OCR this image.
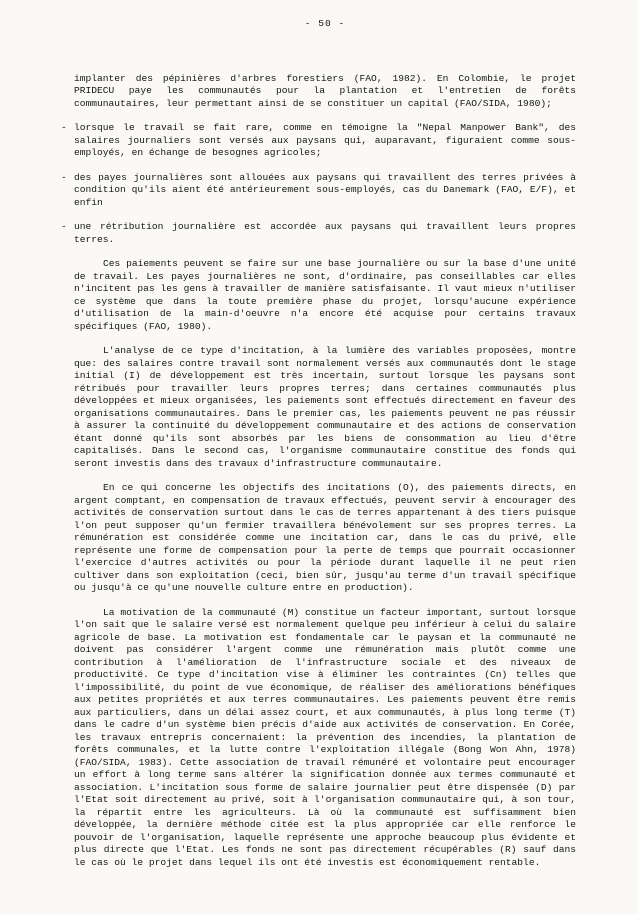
- 50 -
implanter des pépinières d'arbres forestiers (FAO, 1982). En Colombie, le projet PRIDECU paye les communautés pour la plantation et l'entretien de forêts communautaires, leur permettant ainsi de se constituer un capital (FAO/SIDA, 1980);
- lorsque le travail se fait rare, comme en témoigne la "Nepal Manpower Bank", des salaires journaliers sont versés aux paysans qui, auparavant, figuraient comme sous-employés, en échange de besognes agricoles;
- des payes journalières sont allouées aux paysans qui travaillent des terres privées à condition qu'ils aient été antérieurement sous-employés, cas du Danemark (FAO, E/F), et enfin
- une rétribution journalière est accordée aux paysans qui travaillent leurs propres terres.

Ces paiements peuvent se faire sur une base journalière ou sur la base d'une unité de travail. Les payes journalières ne sont, d'ordinaire, pas conseillables car elles n'incitent pas les gens à travailler de manière satisfaisante. Il vaut mieux n'utiliser ce système que dans la toute première phase du projet, lorsqu'aucune expérience d'utilisation de la main-d'oeuvre n'a encore été acquise pour certains travaux spécifiques (FAO, 1980).

L'analyse de ce type d'incitation, à la lumière des variables proposées, montre que: des salaires contre travail sont normalement versés aux communautés dont le stage initial (I) de développement est très incertain, surtout lorsque les paysans sont rétribués pour travailler leurs propres terres; dans certaines communautés plus développées et mieux organisées, les paiements sont effectués directement en faveur des organisations communautaires. Dans le premier cas, les paiements peuvent ne pas réussir à assurer la continuité du développement communautaire et des actions de conservation étant donné qu'ils sont absorbés par les biens de consommation au lieu d'être capitalisés. Dans le second cas, l'organisme communautaire constitue des fonds qui seront investis dans des travaux d'infrastructure communautaire.

En ce qui concerne les objectifs des incitations (O), des paiements directs, en argent comptant, en compensation de travaux effectués, peuvent servir à encourager des activités de conservation surtout dans le cas de terres appartenant à des tiers puisque l'on peut supposer qu'un fermier travaillera bénévolement sur ses propres terres. La rémunération est considérée comme une incitation car, dans le cas du privé, elle représente une forme de compensation pour la perte de temps que pourrait occasionner l'exercice d'autres activités ou pour la période durant laquelle il ne peut rien cultiver dans son exploitation (ceci, bien sûr, jusqu'au terme d'un travail spécifique ou jusqu'à ce qu'une nouvelle culture entre en production).

La motivation de la communauté (M) constitue un facteur important, surtout lorsque l'on sait que le salaire versé est normalement quelque peu inférieur à celui du salaire agricole de base. La motivation est fondamentale car le paysan et la communauté ne doivent pas considérer l'argent comme une rémunération mais plutôt comme une contribution à l'amélioration de l'infrastructure sociale et des niveaux de productivité. Ce type d'incitation vise à éliminer les contraintes (Cn) telles que l'impossibilité, du point de vue économique, de réaliser des améliorations bénéfiques aux petites propriétés et aux terres communautaires. Les paiements peuvent être remis aux particuliers, dans un délai assez court, et aux communautés, à plus long terme (T) dans le cadre d'un système bien précis d'aide aux activités de conservation. En Corée, les travaux entrepris concernaient: la prévention des incendies, la plantation de forêts communales, et la lutte contre l'exploitation illégale (Bong Won Ahn, 1978) (FAO/SIDA, 1983). Cette association de travail rémunéré et volontaire peut encourager un effort à long terme sans altérer la signification donnée aux termes communauté et association. L'incitation sous forme de salaire journalier peut être dispensée (D) par l'Etat soit directement au privé, soit à l'organisation communautaire qui, à son tour, la répartit entre les agriculteurs. Là où la communauté est suffisamment bien développée, la dernière méthode citée est la plus appropriée car elle renforce le pouvoir de l'organisation, laquelle représente une approche beaucoup plus évidente et plus directe que l'Etat. Les fonds ne sont pas directement récupérables (R) sauf dans le cas où le projet dans lequel ils ont été investis est économiquement rentable.
